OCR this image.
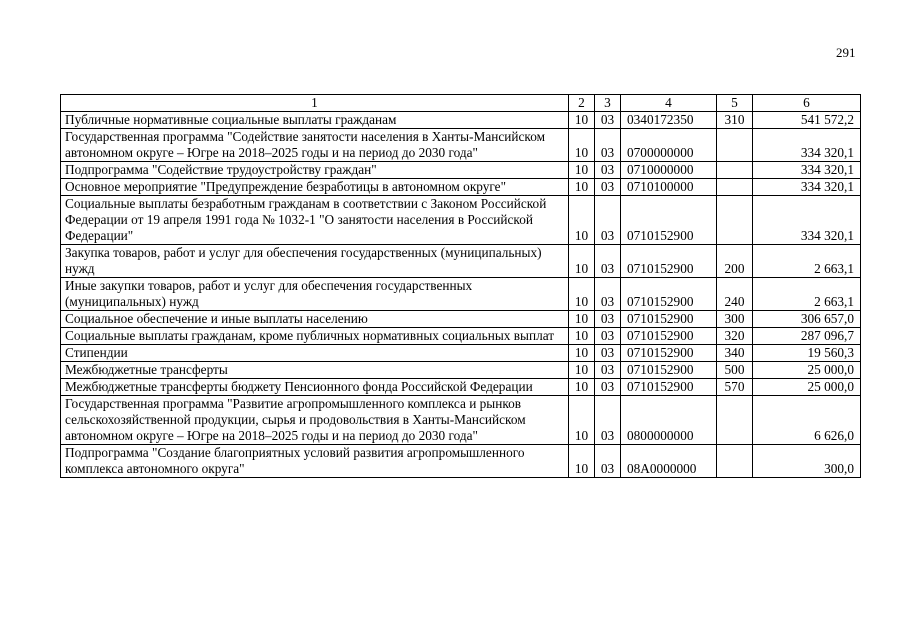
291
1	2	3	4	5	6
Публичные нормативные социальные выплаты гражданам	10	03	0340172350	310	541 572,2
Государственная программа "Содействие занятости населения в Ханты-Мансийском автономном округе – Югре на 2018–2025 годы и на период до 2030 года"	10	03	0700000000		334 320,1
Подпрограмма "Содействие трудоустройству граждан"	10	03	0710000000		334 320,1
Основное мероприятие "Предупреждение безработицы в автономном округе"	10	03	0710100000		334 320,1
Социальные выплаты безработным гражданам в соответствии с Законом Российской Федерации от 19 апреля 1991 года № 1032-1 "О занятости населения в Российской Федерации"	10	03	0710152900		334 320,1
Закупка товаров, работ и услуг для обеспечения государственных (муниципальных) нужд	10	03	0710152900	200	2 663,1
Иные закупки товаров, работ и услуг для обеспечения государственных (муниципальных) нужд	10	03	0710152900	240	2 663,1
Социальное обеспечение и иные выплаты населению	10	03	0710152900	300	306 657,0
Социальные выплаты гражданам, кроме публичных нормативных социальных выплат	10	03	0710152900	320	287 096,7
Стипендии	10	03	0710152900	340	19 560,3
Межбюджетные трансферты	10	03	0710152900	500	25 000,0
Межбюджетные трансферты бюджету Пенсионного фонда Российской Федерации	10	03	0710152900	570	25 000,0
Государственная программа "Развитие агропромышленного комплекса и рынков сельскохозяйственной продукции, сырья и продовольствия в Ханты-Мансийском автономном округе – Югре на 2018–2025 годы и на период до 2030 года"	10	03	0800000000		6 626,0
Подпрограмма "Создание благоприятных условий развития агропромышленного комплекса автономного округа"	10	03	08А0000000		300,0
